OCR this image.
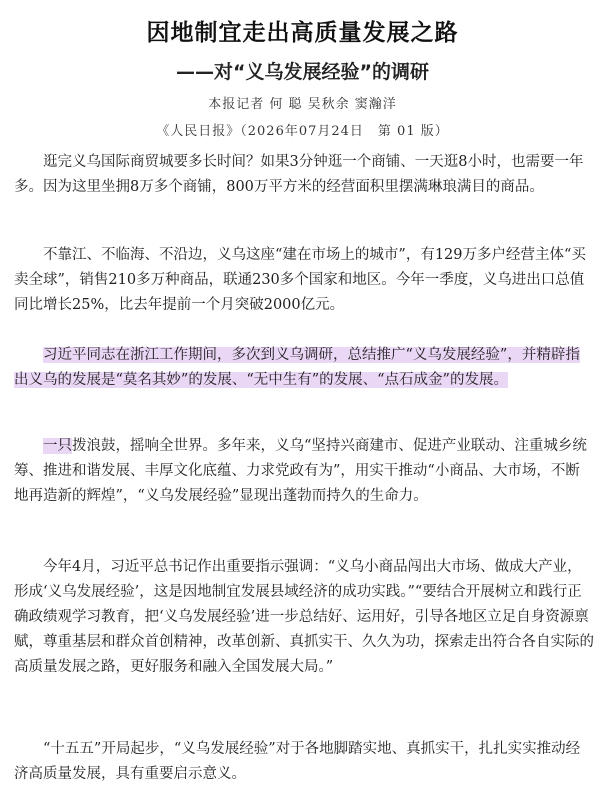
因地制宜走出高质量发展之路
——对“义乌发展经验”的调研
本报记者 何 聪 吴秋余 窦瀚洋
《人民日报》（2026年07月24日　第 01 版）

逛完义乌国际商贸城要多长时间？如果3分钟逛一个商铺、一天逛8小时，也需要一年多。因为这里坐拥8万多个商铺，800万平方米的经营面积里摆满琳琅满目的商品。

不靠江、不临海、不沿边，义乌这座“建在市场上的城市”，有129万多户经营主体“买卖全球”，销售210多万种商品，联通230多个国家和地区。今年一季度，义乌进出口总值同比增长25%，比去年提前一个月突破2000亿元。

习近平同志在浙江工作期间，多次到义乌调研，总结推广“义乌发展经验”，并精辟指出义乌的发展是“莫名其妙”的发展、“无中生有”的发展、“点石成金”的发展。

一只拨浪鼓，摇响全世界。多年来，义乌“坚持兴商建市、促进产业联动、注重城乡统筹、推进和谐发展、丰厚文化底蕴、力求党政有为”，用实干推动“小商品、大市场，不断地再造新的辉煌”，“义乌发展经验”显现出蓬勃而持久的生命力。

今年4月，习近平总书记作出重要指示强调：“义乌小商品闯出大市场、做成大产业，形成‘义乌发展经验’，这是因地制宜发展县域经济的成功实践。”“要结合开展树立和践行正确政绩观学习教育，把‘义乌发展经验’进一步总结好、运用好，引导各地区立足自身资源禀赋，尊重基层和群众首创精神，改革创新、真抓实干、久久为功，探索走出符合各自实际的高质量发展之路，更好服务和融入全国发展大局。”

“十五五”开局起步，“义乌发展经验”对于各地脚踏实地、真抓实干，扎扎实实推动经济高质量发展，具有重要启示意义。
